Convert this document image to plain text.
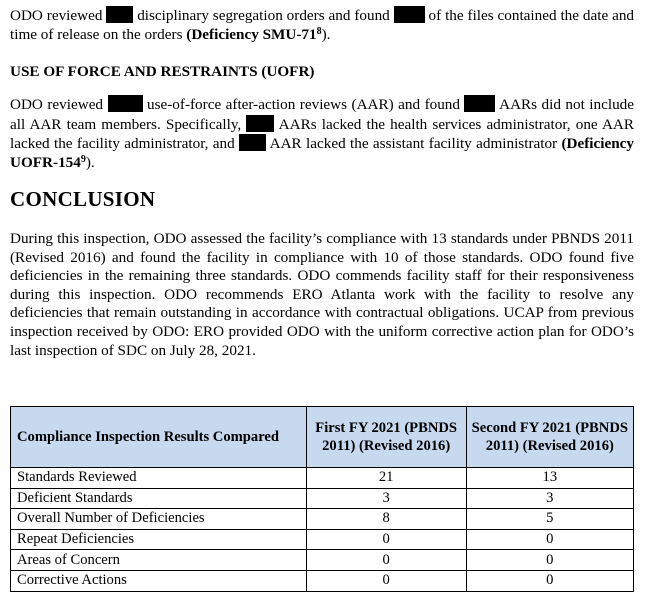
ODO reviewed  disciplinary segregation orders and found  of the files contained the date and time of release on the orders (Deficiency SMU-$71^8$).

USE OF FORCE AND RESTRAINTS (UOFR)

ODO reviewed  use-of-force after-action reviews (AAR) and found  AARs did not include all AAR team members. Specifically,  AARs lacked the health services administrator, one AAR lacked the facility administrator, and  AAR lacked the assistant facility administrator (Deficiency UOFR-$154^9$).

CONCLUSION

During this inspection, ODO assessed the facility’s compliance with 13 standards under PBNDS 2011 (Revised 2016) and found the facility in compliance with 10 of those standards. ODO found five deficiencies in the remaining three standards. ODO commends facility staff for their responsiveness during this inspection. ODO recommends ERO Atlanta work with the facility to resolve any deficiencies that remain outstanding in accordance with contractual obligations. UCAP from previous inspection received by ODO: ERO provided ODO with the uniform corrective action plan for ODO’s last inspection of SDC on July 28, 2021.

Compliance Inspection Results Compared	First FY 2021 (PBNDS 2011) (Revised 2016)	Second FY 2021 (PBNDS 2011) (Revised 2016)
Standards Reviewed	21	13
Deficient Standards	3	3
Overall Number of Deficiencies	8	5
Repeat Deficiencies	0	0
Areas of Concern	0	0
Corrective Actions	0	0
